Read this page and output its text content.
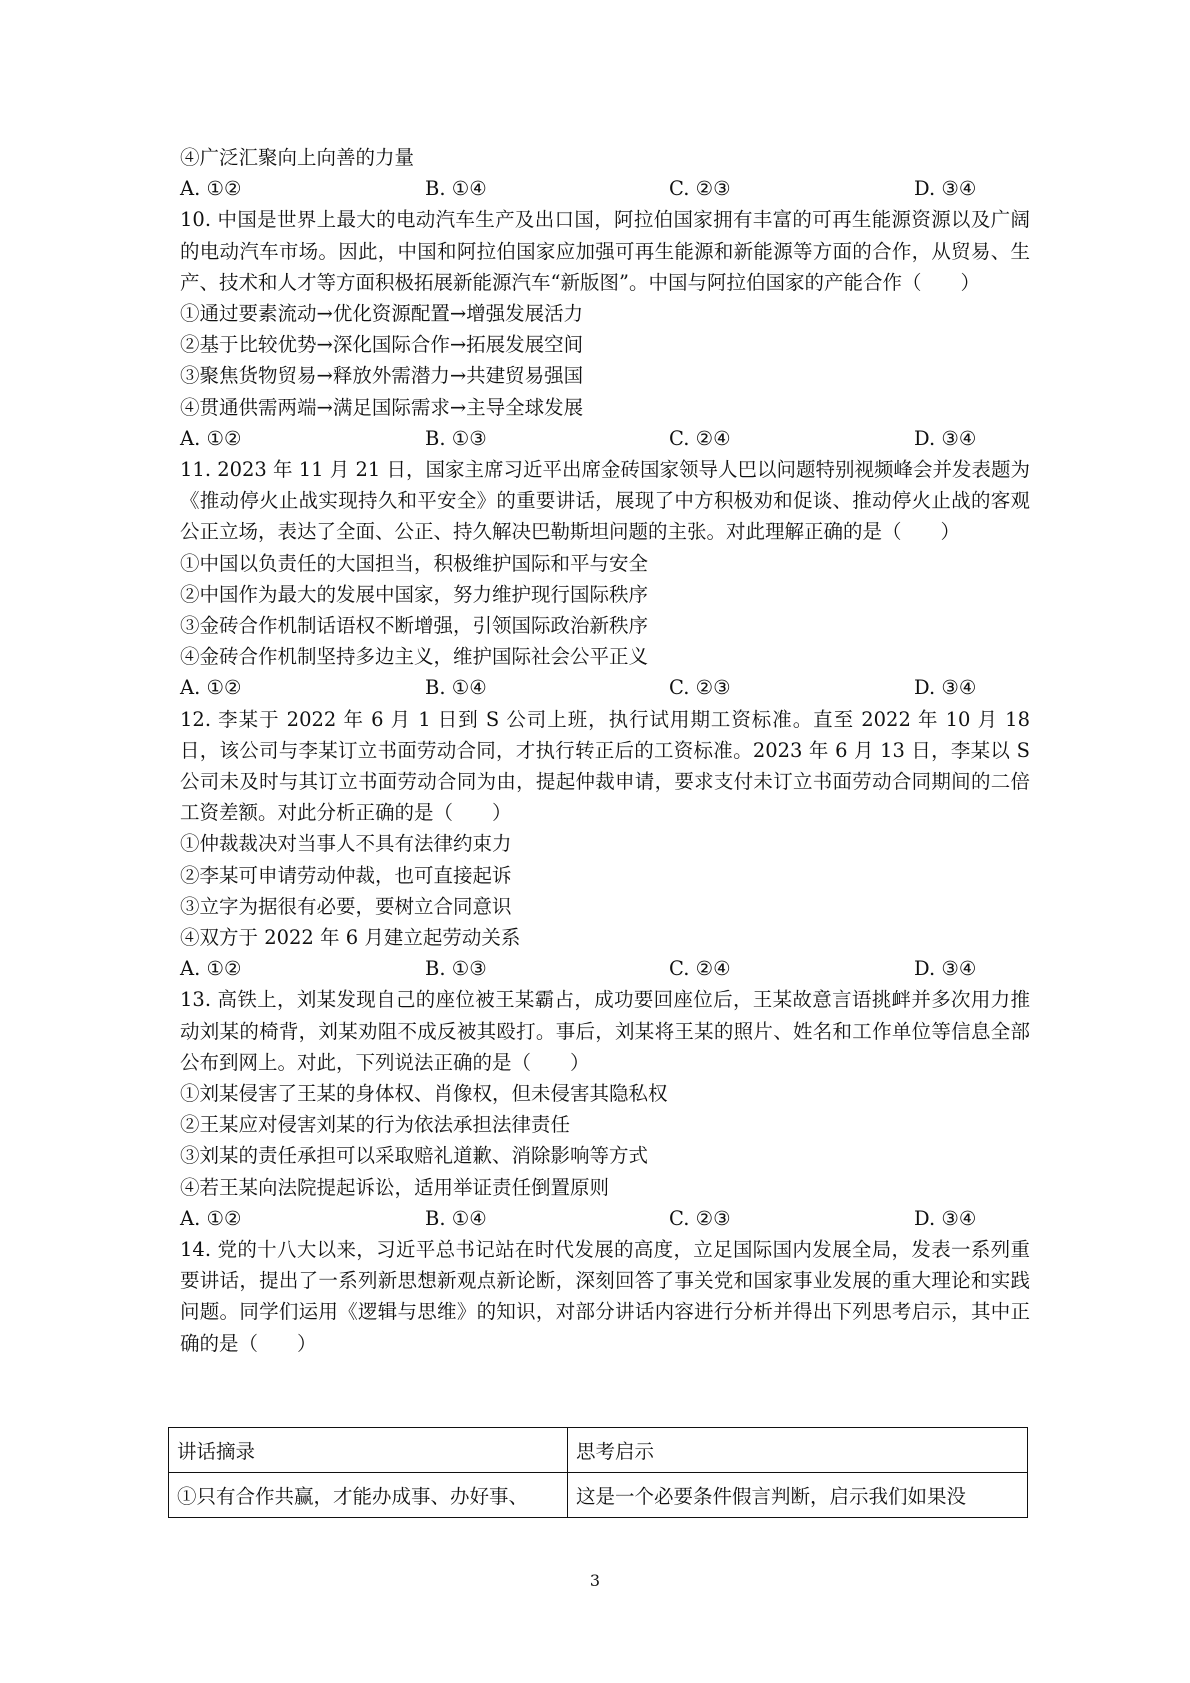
④广泛汇聚向上向善的力量
A. ①②	B. ①④	C. ②③	D. ③④
10. 中国是世界上最大的电动汽车生产及出口国，阿拉伯国家拥有丰富的可再生能源资源以及广阔的电动汽车市场。因此，中国和阿拉伯国家应加强可再生能源和新能源等方面的合作，从贸易、生产、技术和人才等方面积极拓展新能源汽车“新版图”。中国与阿拉伯国家的产能合作（　　）
①通过要素流动→优化资源配置→增强发展活力
②基于比较优势→深化国际合作→拓展发展空间
③聚焦货物贸易→释放外需潜力→共建贸易强国
④贯通供需两端→满足国际需求→主导全球发展
A. ①②	B. ①③	C. ②④	D. ③④
11. 2023 年 11 月 21 日，国家主席习近平出席金砖国家领导人巴以问题特别视频峰会并发表题为《推动停火止战实现持久和平安全》的重要讲话，展现了中方积极劝和促谈、推动停火止战的客观公正立场，表达了全面、公正、持久解决巴勒斯坦问题的主张。对此理解正确的是（　　）
①中国以负责任的大国担当，积极维护国际和平与安全
②中国作为最大的发展中国家，努力维护现行国际秩序
③金砖合作机制话语权不断增强，引领国际政治新秩序
④金砖合作机制坚持多边主义，维护国际社会公平正义
A. ①②	B. ①④	C. ②③	D. ③④
12. 李某于 2022 年 6 月 1 日到 S 公司上班，执行试用期工资标准。直至 2022 年 10 月 18 日，该公司与李某订立书面劳动合同，才执行转正后的工资标准。2023 年 6 月 13 日，李某以 S 公司未及时与其订立书面劳动合同为由，提起仲裁申请，要求支付未订立书面劳动合同期间的二倍工资差额。对此分析正确的是（　　）
①仲裁裁决对当事人不具有法律约束力
②李某可申请劳动仲裁，也可直接起诉
③立字为据很有必要，要树立合同意识
④双方于 2022 年 6 月建立起劳动关系
A. ①②	B. ①③	C. ②④	D. ③④
13. 高铁上，刘某发现自己的座位被王某霸占，成功要回座位后，王某故意言语挑衅并多次用力推动刘某的椅背，刘某劝阻不成反被其殴打。事后，刘某将王某的照片、姓名和工作单位等信息全部公布到网上。对此，下列说法正确的是（　　）
①刘某侵害了王某的身体权、肖像权，但未侵害其隐私权
②王某应对侵害刘某的行为依法承担法律责任
③刘某的责任承担可以采取赔礼道歉、消除影响等方式
④若王某向法院提起诉讼，适用举证责任倒置原则
A. ①②	B. ①④	C. ②③	D. ③④
14. 党的十八大以来，习近平总书记站在时代发展的高度，立足国际国内发展全局，发表一系列重要讲话，提出了一系列新思想新观点新论断，深刻回答了事关党和国家事业发展的重大理论和实践问题。同学们运用《逻辑与思维》的知识，对部分讲话内容进行分析并得出下列思考启示，其中正确的是（　　）
讲话摘录	思考启示
①只有合作共赢，才能办成事、办好事、	这是一个必要条件假言判断，启示我们如果没
3
